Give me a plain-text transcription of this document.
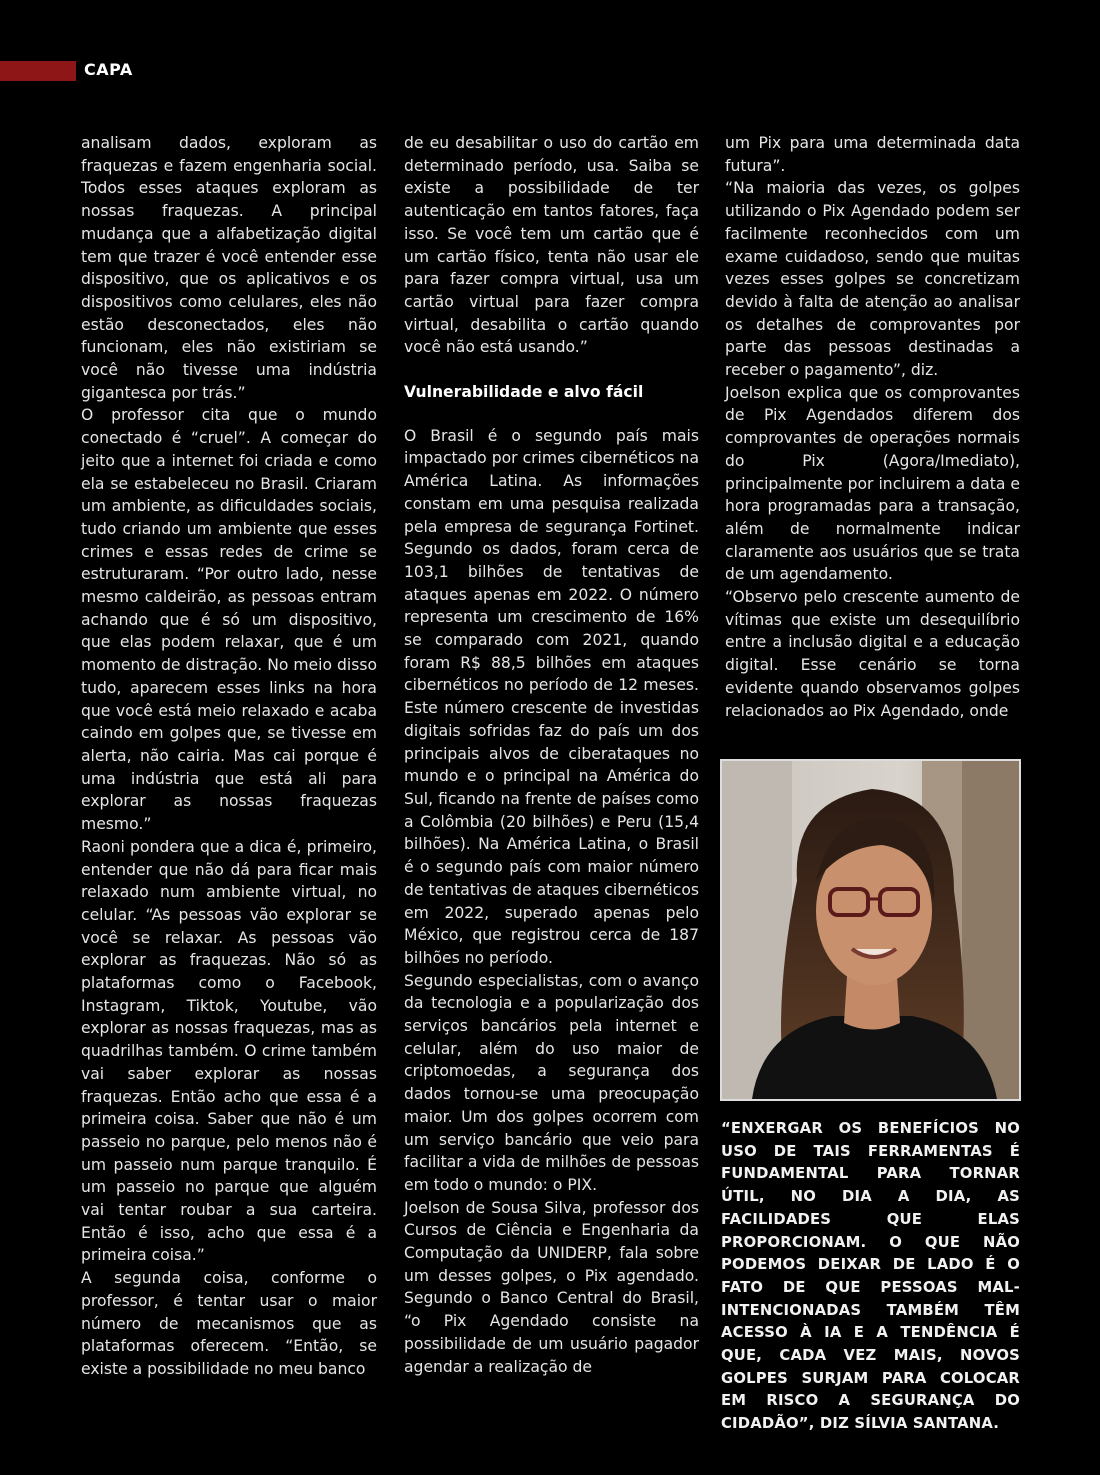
CAPA

analisam dados, exploram as fraquezas e fazem engenharia social. Todos esses ataques exploram as nossas fraquezas. A principal mudança que a alfabetização digital tem que trazer é você entender esse dispositivo, que os aplicativos e os dispositivos como celulares, eles não estão desconectados, eles não funcionam, eles não existiriam se você não tivesse uma indústria gigantesca por trás.”

O professor cita que o mundo conectado é “cruel”. A começar do jeito que a internet foi criada e como ela se estabeleceu no Brasil. Criaram um ambiente, as dificuldades sociais, tudo criando um ambiente que esses crimes e essas redes de crime se estruturaram. “Por outro lado, nesse mesmo caldeirão, as pessoas entram achando que é só um dispositivo, que elas podem relaxar, que é um momento de distração. No meio disso tudo, aparecem esses links na hora que você está meio relaxado e acaba caindo em golpes que, se tivesse em alerta, não cairia. Mas cai porque é uma indústria que está ali para explorar as nossas fraquezas mesmo.”

Raoni pondera que a dica é, primeiro, entender que não dá para ficar mais relaxado num ambiente virtual, no celular. “As pessoas vão explorar se você se relaxar. As pessoas vão explorar as fraquezas. Não só as plataformas como o Facebook, Instagram, Tiktok, Youtube, vão explorar as nossas fraquezas, mas as quadrilhas também. O crime também vai saber explorar as nossas fraquezas. Então acho que essa é a primeira coisa. Saber que não é um passeio no parque, pelo menos não é um passeio num parque tranquilo. É um passeio no parque que alguém vai tentar roubar a sua carteira. Então é isso, acho que essa é a primeira coisa.”

A segunda coisa, conforme o professor, é tentar usar o maior número de mecanismos que as plataformas oferecem. “Então, se existe a possibilidade no meu banco

de eu desabilitar o uso do cartão em determinado período, usa. Saiba se existe a possibilidade de ter autenticação em tantos fatores, faça isso. Se você tem um cartão que é um cartão físico, tenta não usar ele para fazer compra virtual, usa um cartão virtual para fazer compra virtual, desabilita o cartão quando você não está usando.”

Vulnerabilidade e alvo fácil

O Brasil é o segundo país mais impactado por crimes cibernéticos na América Latina. As informações constam em uma pesquisa realizada pela empresa de segurança Fortinet. Segundo os dados, foram cerca de 103,1 bilhões de tentativas de ataques apenas em 2022. O número representa um crescimento de 16% se comparado com 2021, quando foram R$ 88,5 bilhões em ataques cibernéticos no período de 12 meses. Este número crescente de investidas digitais sofridas faz do país um dos principais alvos de ciberataques no mundo e o principal na América do Sul, ficando na frente de países como a Colômbia (20 bilhões) e Peru (15,4 bilhões). Na América Latina, o Brasil é o segundo país com maior número de tentativas de ataques cibernéticos em 2022, superado apenas pelo México, que registrou cerca de 187 bilhões no período.

Segundo especialistas, com o avanço da tecnologia e a popularização dos serviços bancários pela internet e celular, além do uso maior de criptomoedas, a segurança dos dados tornou-se uma preocupação maior. Um dos golpes ocorrem com um serviço bancário que veio para facilitar a vida de milhões de pessoas em todo o mundo: o PIX.

Joelson de Sousa Silva, professor dos Cursos de Ciência e Engenharia da Computação da UNIDERP, fala sobre um desses golpes, o Pix agendado. Segundo o Banco Central do Brasil, “o Pix Agendado consiste na possibilidade de um usuário pagador agendar a realização de

um Pix para uma determinada data futura”.

“Na maioria das vezes, os golpes utilizando o Pix Agendado podem ser facilmente reconhecidos com um exame cuidadoso, sendo que muitas vezes esses golpes se concretizam devido à falta de atenção ao analisar os detalhes de comprovantes por parte das pessoas destinadas a receber o pagamento”, diz.

Joelson explica que os comprovantes de Pix Agendados diferem dos comprovantes de operações normais do Pix (Agora/Imediato), principalmente por incluirem a data e hora programadas para a transação, além de normalmente indicar claramente aos usuários que se trata de um agendamento.

“Observo pelo crescente aumento de vítimas que existe um desequilíbrio entre a inclusão digital e a educação digital. Esse cenário se torna evidente quando observamos golpes relacionados ao Pix Agendado, onde

“ENXERGAR OS BENEFÍCIOS NO USO DE TAIS FERRAMENTAS É FUNDAMENTAL PARA TORNAR ÚTIL, NO DIA A DIA, AS FACILIDADES QUE ELAS PROPORCIONAM. O QUE NÃO PODEMOS DEIXAR DE LADO É O FATO DE QUE PESSOAS MAL-INTENCIONADAS TAMBÉM TÊM ACESSO À IA E A TENDÊNCIA É QUE, CADA VEZ MAIS, NOVOS GOLPES SURJAM PARA COLOCAR EM RISCO A SEGURANÇA DO CIDADÃO”, DIZ SÍLVIA SANTANA.
